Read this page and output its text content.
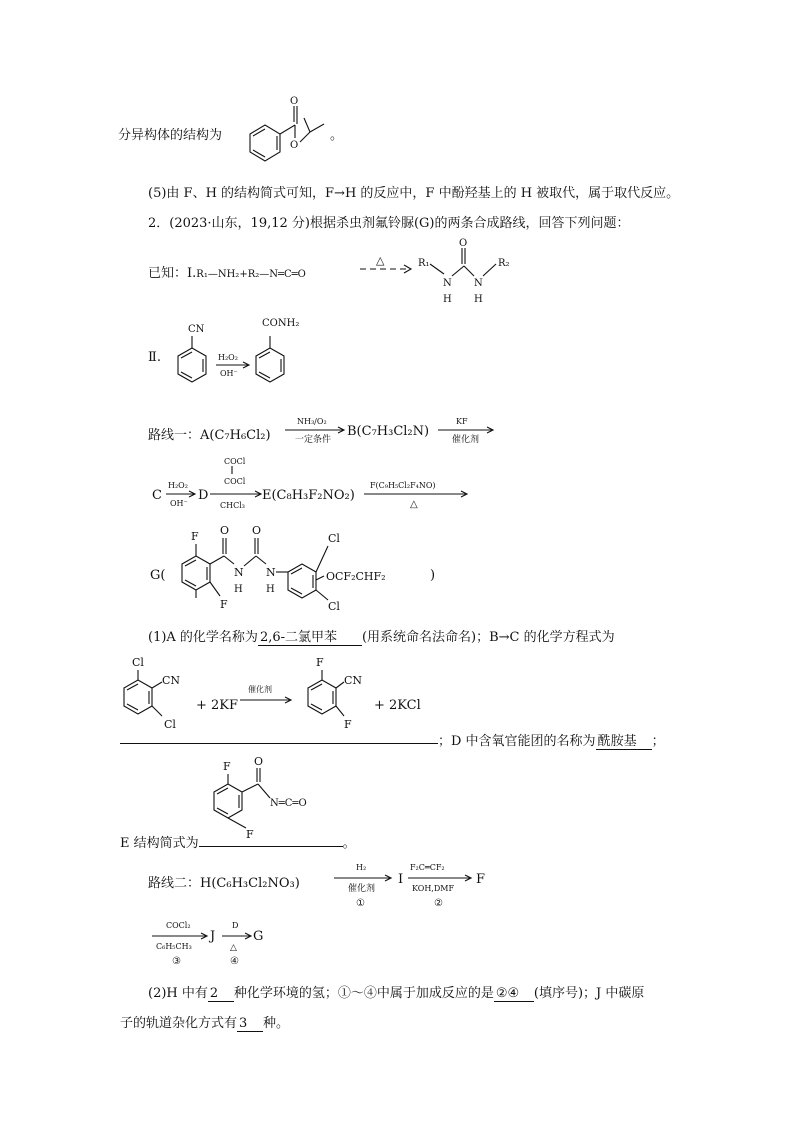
分异构体的结构为
O
O
。
(5)由 F、H 的结构简式可知，F→H 的反应中，F 中酚羟基上的 H 被取代，属于取代反应。
2．(2023·山东，19,12 分)根据杀虫剂氟铃脲(G)的两条合成路线，回答下列问题：
已知：Ⅰ.R₁—NH₂+R₂—N═C═O
△	R₁
N
H
O
N
H
R₂
Ⅱ.
CN
H₂O₂
OH⁻
CONH₂
路线一：A(C₇H₆Cl₂)
NH₃/O₂
一定条件
B(C₇H₃Cl₂N)
KF
催化剂
C
H₂O₂
OH⁻
D
COCl
COCl
CHCl₃
E(C₈H₃F₂NO₂)
F(C₉H₅Cl₂F₄NO)
△
G(
F
F
O
N
H
O
N
H
Cl
Cl
OCF₂CHF₂	)
(1)A 的化学名称为 2,6-二氯甲苯 (用系统命名法命名)；B→C 的化学方程式为
Cl
CN
Cl
催化剂
F
CN
F
+ 2KF	+ 2KCl
；D 中含氧官能团的名称为 酰胺基 ；
F
F
O
N═C═O
E 结构简式为	。
路线二：H(C₆H₃Cl₂NO₃)
H₂
催化剂
①
I
F₂C═CF₂
KOH,DMF
②
F
COCl₂
C₆H₅CH₃
③
J
D
△
④
G
(2)H 中有 2 种化学环境的氢；①～④中属于加成反应的是 ②④ (填序号)；J 中碳原
子的轨道杂化方式有 3 种。
